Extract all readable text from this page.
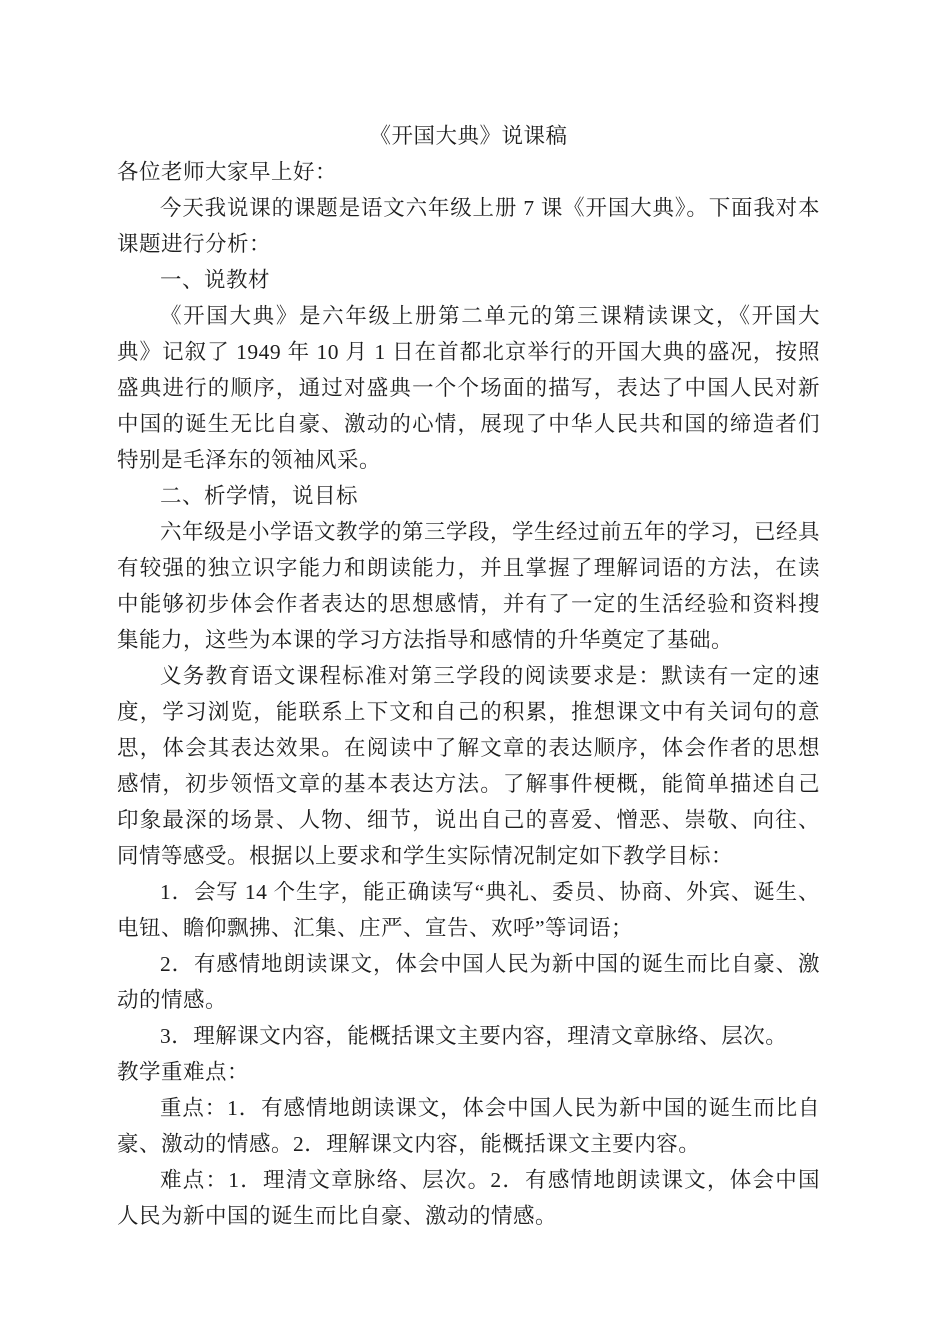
《开国大典》说课稿

各位老师大家早上好：

今天我说课的课题是语文六年级上册 7 课《开国大典》。下面我对本课题进行分析：

一、说教材

《开国大典》是六年级上册第二单元的第三课精读课文，《开国大典》记叙了 1949 年 10 月 1 日在首都北京举行的开国大典的盛况，按照盛典进行的顺序，通过对盛典一个个场面的描写，表达了中国人民对新中国的诞生无比自豪、激动的心情，展现了中华人民共和国的缔造者们特别是毛泽东的领袖风采。

二、析学情，说目标

六年级是小学语文教学的第三学段，学生经过前五年的学习，已经具有较强的独立识字能力和朗读能力，并且掌握了理解词语的方法，在读中能够初步体会作者表达的思想感情，并有了一定的生活经验和资料搜集能力，这些为本课的学习方法指导和感情的升华奠定了基础。

义务教育语文课程标准对第三学段的阅读要求是：默读有一定的速度，学习浏览，能联系上下文和自己的积累，推想课文中有关词句的意思，体会其表达效果。在阅读中了解文章的表达顺序，体会作者的思想感情，初步领悟文章的基本表达方法。了解事件梗概，能简单描述自己印象最深的场景、人物、细节，说出自己的喜爱、憎恶、崇敬、向往、同情等感受。根据以上要求和学生实际情况制定如下教学目标：

1．会写 14 个生字，能正确读写“典礼、委员、协商、外宾、诞生、电钮、瞻仰飘拂、汇集、庄严、宣告、欢呼”等词语；

2．有感情地朗读课文，体会中国人民为新中国的诞生而比自豪、激动的情感。

3．理解课文内容，能概括课文主要内容，理清文章脉络、层次。

教学重难点：

重点：1．有感情地朗读课文，体会中国人民为新中国的诞生而比自豪、激动的情感。2．理解课文内容，能概括课文主要内容。

难点：1．理清文章脉络、层次。2．有感情地朗读课文，体会中国人民为新中国的诞生而比自豪、激动的情感。
